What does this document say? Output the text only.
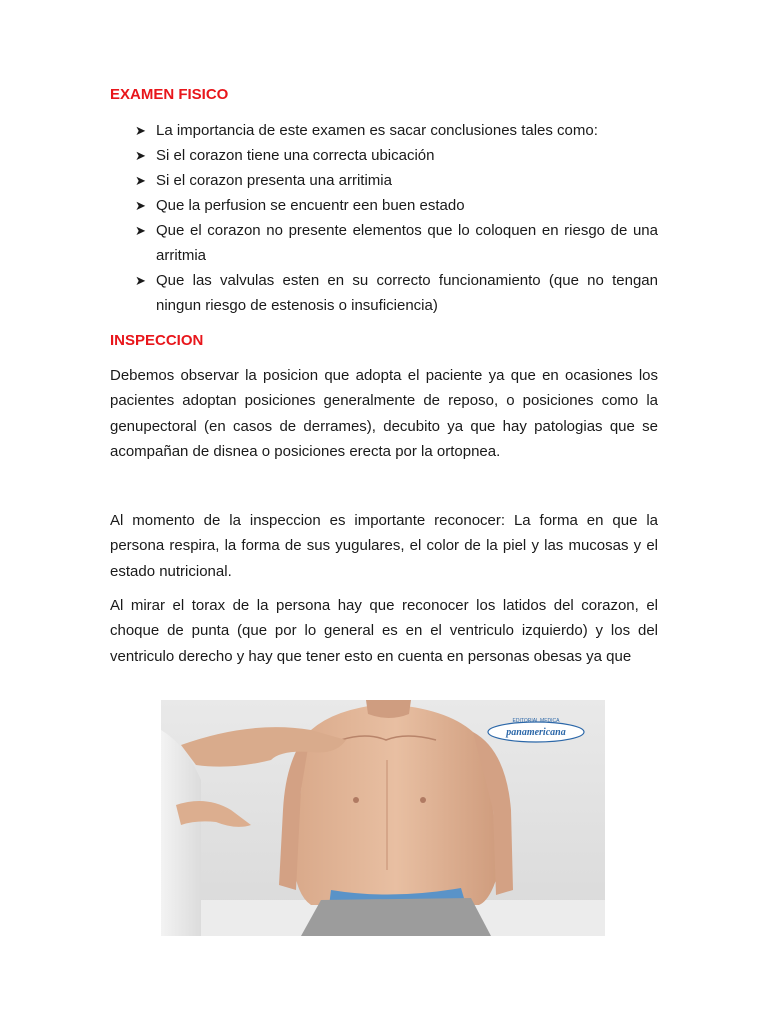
EXAMEN FISICO
➤ La importancia de este examen es sacar conclusiones tales como:
➤ Si el corazon tiene una correcta ubicación
➤ Si el corazon presenta una arritimia
➤ Que la perfusion se encuentr een buen estado
➤ Que el corazon no presente elementos que lo coloquen en riesgo de una arritmia
➤ Que las valvulas esten en su correcto funcionamiento (que no tengan ningun riesgo de estenosis o insuficiencia)
INSPECCION

Debemos observar la posicion que adopta el paciente ya que en ocasiones los pacientes adoptan posiciones generalmente de reposo, o posiciones como la genupectoral (en casos de derrames), decubito ya que hay patologias que se acompañan de disnea o posiciones erecta por la ortopnea.

Al momento de la inspeccion es importante reconocer: La forma en que la persona respira, la forma de sus yugulares, el color de la piel y las mucosas y el estado nutricional.

Al mirar el torax de la persona hay que reconocer los latidos del corazon, el choque de punta (que por lo general es en el ventriculo izquierdo) y los del ventriculo derecho y hay que tener esto en cuenta en personas obesas ya que

EDITORIAL MEDICA
panamericana
